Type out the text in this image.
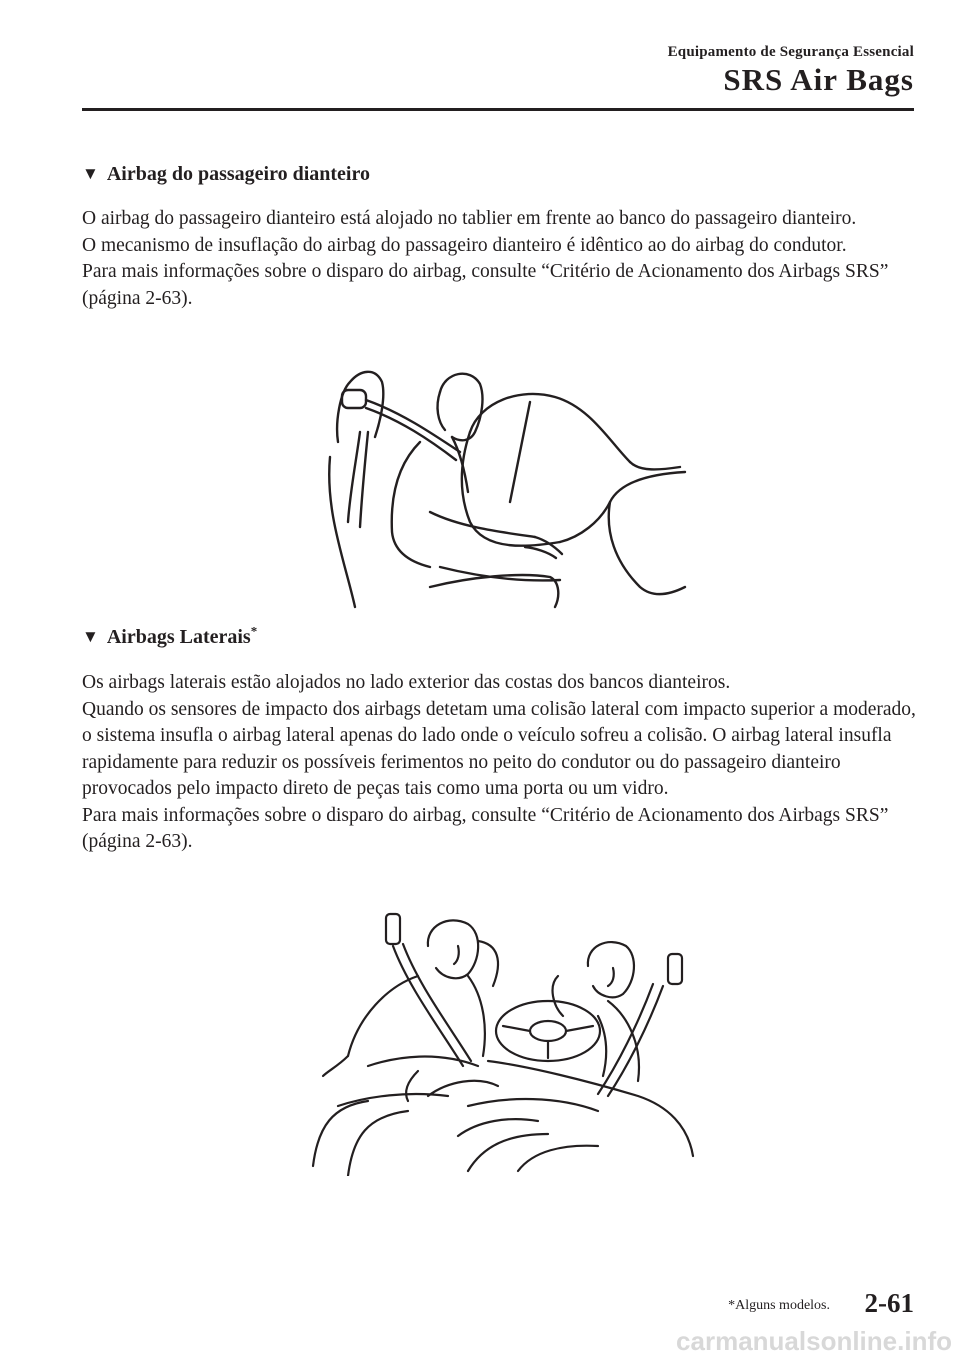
Equipamento de Segurança Essencial
SRS Air Bags
▼ Airbag do passageiro dianteiro

O airbag do passageiro dianteiro está alojado no tablier em frente ao banco do passageiro dianteiro.

O mecanismo de insuflação do airbag do passageiro dianteiro é idêntico ao do airbag do condutor.

Para mais informações sobre o disparo do airbag, consulte “Critério de Acionamento dos Airbags SRS” (página 2-63).

▼ Airbags Laterais*

Os airbags laterais estão alojados no lado exterior das costas dos bancos dianteiros.

Quando os sensores de impacto dos airbags detetam uma colisão lateral com impacto superior a moderado, o sistema insufla o airbag lateral apenas do lado onde o veículo sofreu a colisão. O airbag lateral insufla rapidamente para reduzir os possíveis ferimentos no peito do condutor ou do passageiro dianteiro provocados pelo impacto direto de peças tais como uma porta ou um vidro.

Para mais informações sobre o disparo do airbag, consulte “Critério de Acionamento dos Airbags SRS” (página 2-63).

*Alguns modelos. 2-61
carmanualsonline.info
